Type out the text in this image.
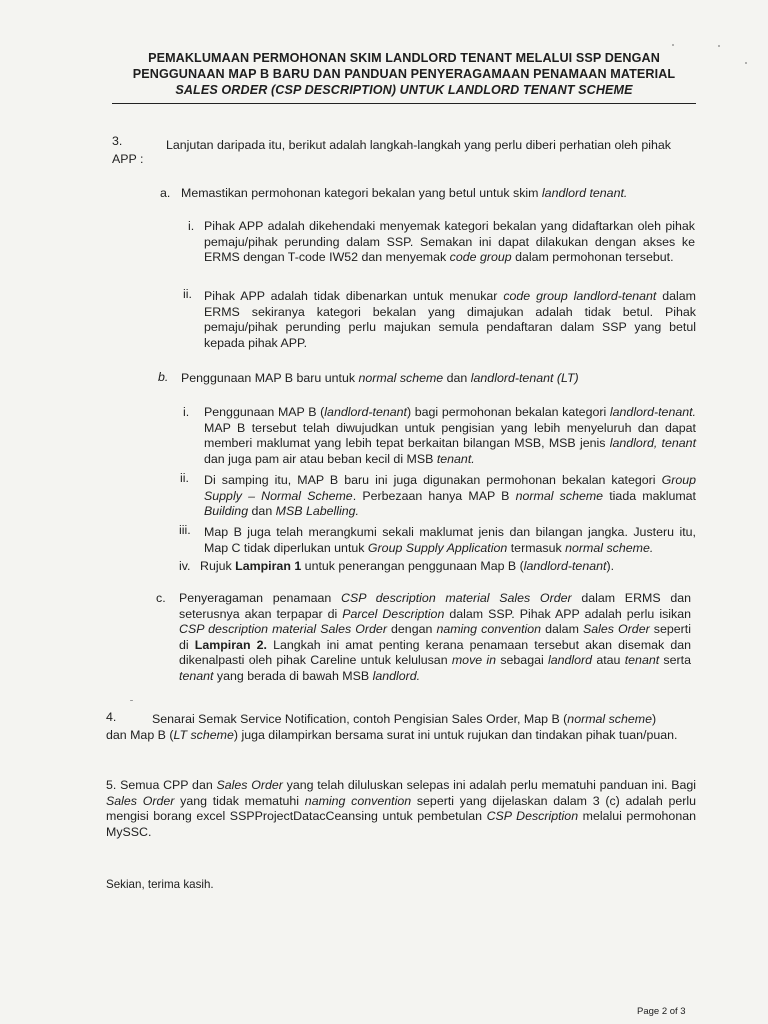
PEMAKLUMAAN PERMOHONAN SKIM LANDLORD TENANT MELALUI SSP DENGAN
PENGGUNAAN MAP B BARU DAN PANDUAN PENYERAGAMAAN PENAMAAN MATERIAL
SALES ORDER (CSP DESCRIPTION) UNTUK LANDLORD TENANT SCHEME
3.	Lanjutan daripada itu, berikut adalah langkah-langkah yang perlu diberi perhatian oleh pihak
APP :
a. Memastikan permohonan kategori bekalan yang betul untuk skim landlord tenant.
i. Pihak APP adalah dikehendaki menyemak kategori bekalan yang didaftarkan oleh pihak pemaju/pihak perunding dalam SSP. Semakan ini dapat dilakukan dengan akses ke ERMS dengan T-code IW52 dan menyemak code group dalam permohonan tersebut.
ii. Pihak APP adalah tidak dibenarkan untuk menukar code group landlord-tenant dalam ERMS sekiranya kategori bekalan yang dimajukan adalah tidak betul. Pihak pemaju/pihak perunding perlu majukan semula pendaftaran dalam SSP yang betul kepada pihak APP.
b. Penggunaan MAP B baru untuk normal scheme dan landlord-tenant (LT)
i. Penggunaan MAP B (landlord-tenant) bagi permohonan bekalan kategori landlord-tenant. MAP B tersebut telah diwujudkan untuk pengisian yang lebih menyeluruh dan dapat memberi maklumat yang lebih tepat berkaitan bilangan MSB, MSB jenis landlord, tenant dan juga pam air atau beban kecil di MSB tenant.
ii. Di samping itu, MAP B baru ini juga digunakan permohonan bekalan kategori Group Supply – Normal Scheme. Perbezaan hanya MAP B normal scheme tiada maklumat Building dan MSB Labelling.
iii. Map B juga telah merangkumi sekali maklumat jenis dan bilangan jangka. Justeru itu, Map C tidak diperlukan untuk Group Supply Application termasuk normal scheme.
iv. Rujuk Lampiran 1 untuk penerangan penggunaan Map B (landlord-tenant).
c. Penyeragaman penamaan CSP description material Sales Order dalam ERMS dan seterusnya akan terpapar di Parcel Description dalam SSP. Pihak APP adalah perlu isikan CSP description material Sales Order dengan naming convention dalam Sales Order seperti di Lampiran 2. Langkah ini amat penting kerana penamaan tersebut akan disemak dan dikenalpasti oleh pihak Careline untuk kelulusan move in sebagai landlord atau tenant serta tenant yang berada di bawah MSB landlord.
4.	Senarai Semak Service Notification, contoh Pengisian Sales Order, Map B (normal scheme)
dan Map B (LT scheme) juga dilampirkan bersama surat ini untuk rujukan dan tindakan pihak tuan/puan.
5. Semua CPP dan Sales Order yang telah diluluskan selepas ini adalah perlu mematuhi panduan ini. Bagi Sales Order yang tidak mematuhi naming convention seperti yang dijelaskan dalam 3 (c) adalah perlu mengisi borang excel SSPProjectDatacCeansing untuk pembetulan CSP Description melalui permohonan MySSC.
Sekian, terima kasih.
Page 2 of 3
